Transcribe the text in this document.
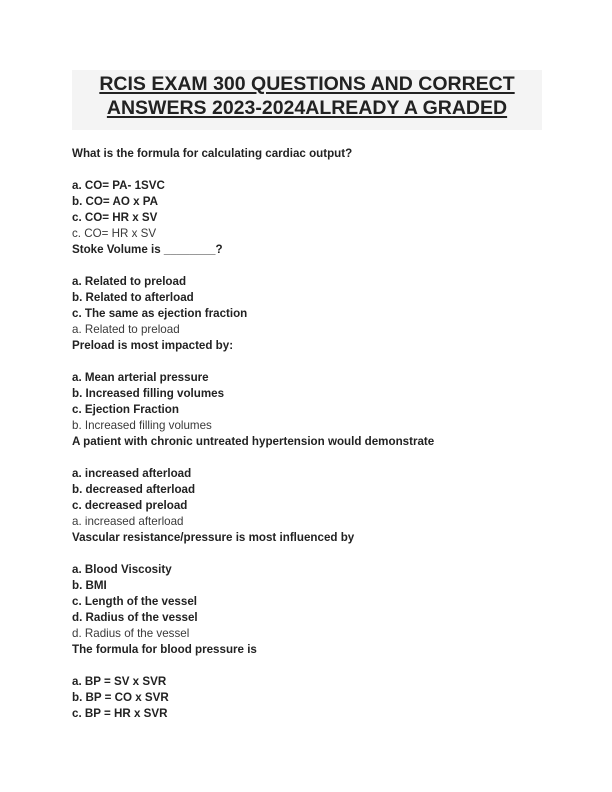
RCIS EXAM 300 QUESTIONS AND CORRECT
ANSWERS 2023-2024ALREADY A GRADED
What is the formula for calculating cardiac output?
a. CO= PA- 1SVC
b. CO= AO x PA
c. CO= HR x SV
c. CO= HR x SV
Stoke Volume is ________?
a. Related to preload
b. Related to afterload
c. The same as ejection fraction
a. Related to preload
Preload is most impacted by:
a. Mean arterial pressure
b. Increased filling volumes
c. Ejection Fraction
b. Increased filling volumes
A patient with chronic untreated hypertension would demonstrate
a. increased afterload
b. decreased afterload
c. decreased preload
a. increased afterload
Vascular resistance/pressure is most influenced by
a. Blood Viscosity
b. BMI
c. Length of the vessel
d. Radius of the vessel
d. Radius of the vessel
The formula for blood pressure is
a. BP = SV x SVR
b. BP = CO x SVR
c. BP = HR x SVR
